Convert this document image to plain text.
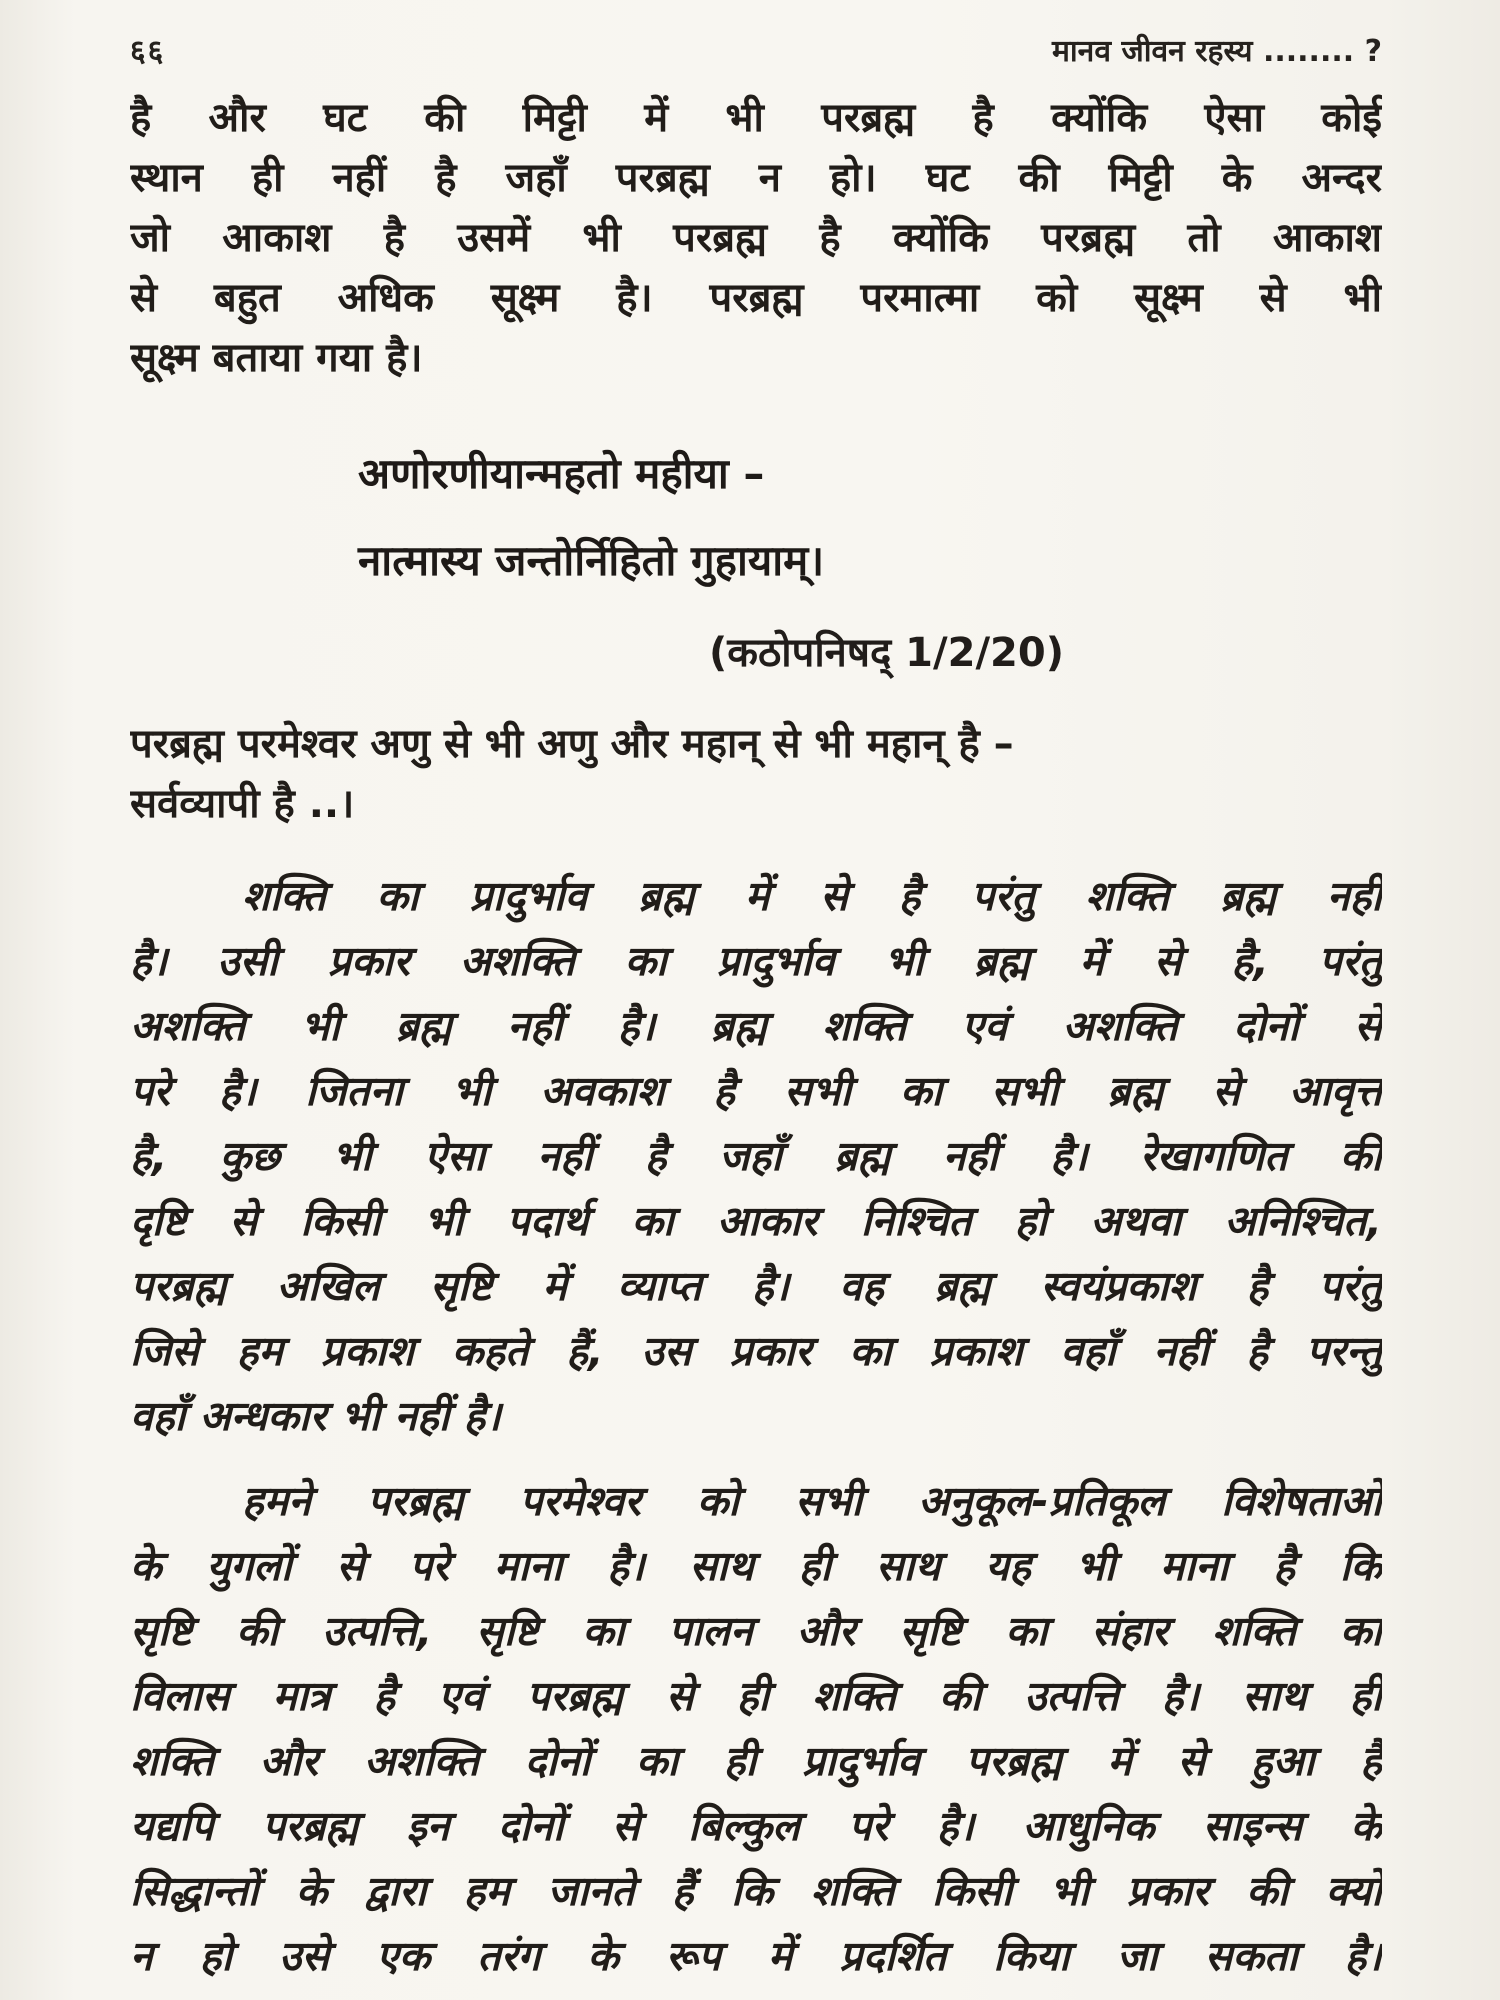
६६	मानव जीवन रहस्य ........ ?
है और घट की मिट्टी में भी परब्रह्म है क्योंकि ऐसा कोई
स्थान ही नहीं है जहाँ परब्रह्म न हो। घट की मिट्टी के अन्दर
जो आकाश है उसमें भी परब्रह्म है क्योंकि परब्रह्म तो आकाश
से बहुत अधिक सूक्ष्म है। परब्रह्म परमात्मा को सूक्ष्म से भी
सूक्ष्म बताया गया है।
अणोरणीयान्महतो महीया –
नात्मास्य जन्तोर्निहितो गुहायाम्।
(कठोपनिषद् 1/2/20)
परब्रह्म परमेश्वर अणु से भी अणु और महान् से भी महान् है –
सर्वव्यापी है ..।
शक्ति का प्रादुर्भाव ब्रह्म में से है परंतु शक्ति ब्रह्म नहीं
है। उसी प्रकार अशक्ति का प्रादुर्भाव भी ब्रह्म में से है, परंतु
अशक्ति भी ब्रह्म नहीं है। ब्रह्म शक्ति एवं अशक्ति दोनों से
परे है। जितना भी अवकाश है सभी का सभी ब्रह्म से आवृत्त
है, कुछ भी ऐसा नहीं है जहाँ ब्रह्म नहीं है। रेखागणित की
दृष्टि से किसी भी पदार्थ का आकार निश्चित हो अथवा अनिश्चित,
परब्रह्म अखिल सृष्टि में व्याप्त है। वह ब्रह्म स्वयंप्रकाश है परंतु
जिसे हम प्रकाश कहते हैं, उस प्रकार का प्रकाश वहाँ नहीं है परन्तु
वहाँ अन्धकार भी नहीं है।
हमने परब्रह्म परमेश्वर को सभी अनुकूल-प्रतिकूल विशेषताओं
के युगलों से परे माना है। साथ ही साथ यह भी माना है कि
सृष्टि की उत्पत्ति, सृष्टि का पालन और सृष्टि का संहार शक्ति का
विलास मात्र है एवं परब्रह्म से ही शक्ति की उत्पत्ति है। साथ ही
शक्ति और अशक्ति दोनों का ही प्रादुर्भाव परब्रह्म में से हुआ है
यद्यपि परब्रह्म इन दोनों से बिल्कुल परे है। आधुनिक साइन्स के
सिद्धान्तों के द्वारा हम जानते हैं कि शक्ति किसी भी प्रकार की क्यों
न हो उसे एक तरंग के रूप में प्रदर्शित किया जा सकता है।
